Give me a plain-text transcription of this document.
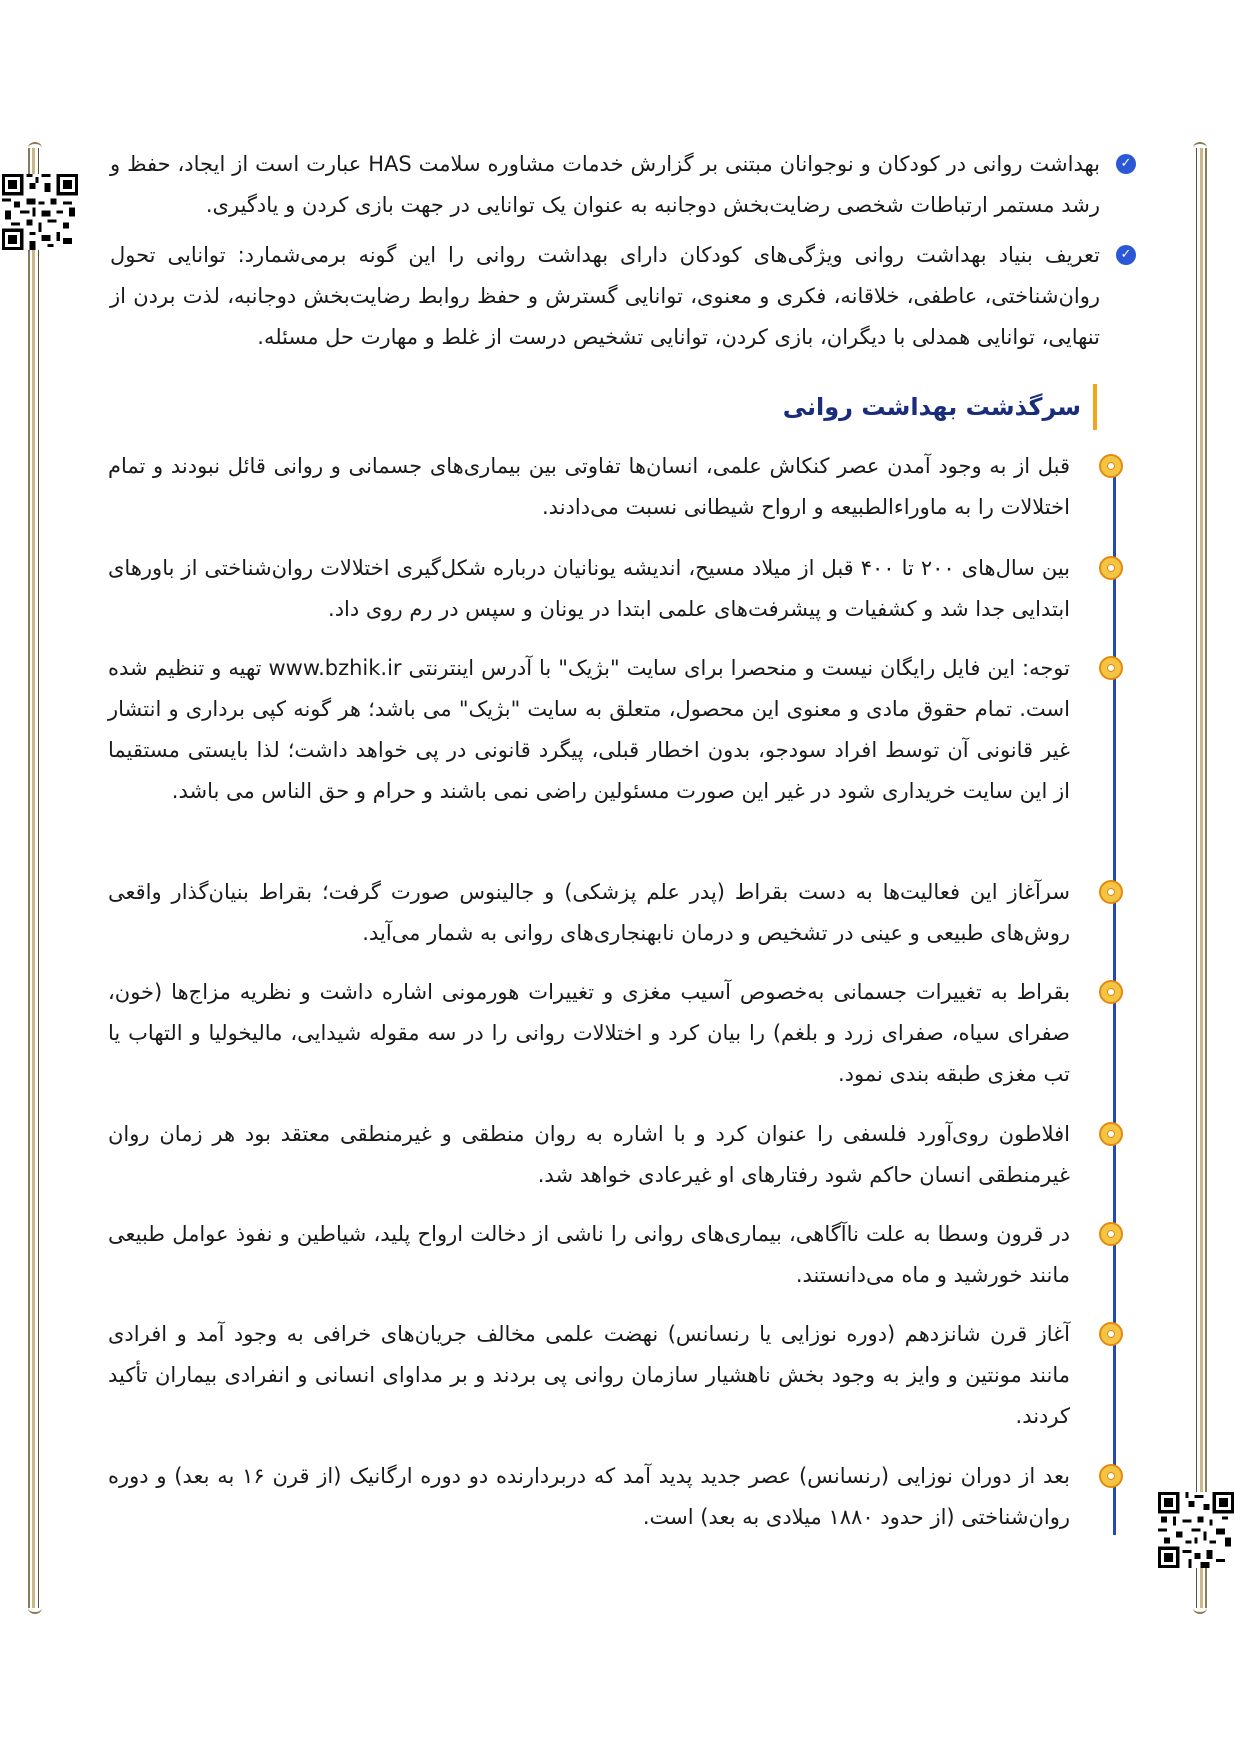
✓
بهداشت روانی در کودکان و نوجوانان مبتنی بر گزارش خدمات مشاوره سلامت HAS عبارت است از ایجاد، حفظ و رشد مستمر ارتباطات شخصی رضایت‌بخش دوجانبه به عنوان یک توانایی در جهت بازی کردن و یادگیری.
✓
تعریف بنیاد بهداشت روانی ویژگی‌های کودکان دارای بهداشت روانی را این گونه برمی‌شمارد: توانایی تحول روان‌شناختی، عاطفی، خلاقانه، فکری و معنوی، توانایی گسترش و حفظ روابط رضایت‌بخش دوجانبه، لذت بردن از تنهایی، توانایی همدلی با دیگران، بازی کردن، توانایی تشخیص درست از غلط و مهارت حل مسئله.
سرگذشت بهداشت روانی
قبل از به وجود آمدن عصر کنکاش علمی، انسان‌ها تفاوتی بین بیماری‌های جسمانی و روانی قائل نبودند و تمام اختلالات را به ماوراءالطبیعه و ارواح شیطانی نسبت می‌دادند.
بین سال‌های ۲۰۰ تا ۴۰۰ قبل از میلاد مسیح، اندیشه یونانیان درباره شکل‌گیری اختلالات روان‌شناختی از باورهای ابتدایی جدا شد و کشفیات و پیشرفت‌های علمی ابتدا در یونان و سپس در رم روی داد.
توجه: این فایل رایگان نیست و منحصرا برای سایت "بژیک" با آدرس اینترنتی www.bzhik.ir تهیه و تنظیم شده است. تمام حقوق مادی و معنوی این محصول، متعلق به سایت "بژیک" می باشد؛ هر گونه کپی برداری و انتشار غیر قانونی آن توسط افراد سودجو، بدون اخطار قبلی، پیگرد قانونی در پی خواهد داشت؛ لذا بایستی مستقیما از این سایت خریداری شود در غیر این صورت مسئولین راضی نمی باشند و حرام و حق الناس می باشد.
سرآغاز این فعالیت‌ها به دست بقراط (پدر علم پزشکی) و جالینوس صورت گرفت؛ بقراط بنیان‌گذار واقعی روش‌های طبیعی و عینی در تشخیص و درمان نابهنجاری‌های روانی به شمار می‌آید.
بقراط به تغییرات جسمانی به‌خصوص آسیب مغزی و تغییرات هورمونی اشاره داشت و نظریه مزاج‌ها (خون، صفرای سیاه، صفرای زرد و بلغم) را بیان کرد و اختلالات روانی را در سه مقوله شیدایی، مالیخولیا و التهاب یا تب مغزی طبقه بندی نمود.
افلاطون روی‌آورد فلسفی را عنوان کرد و با اشاره به روان منطقی و غیرمنطقی معتقد بود هر زمان روان غیرمنطقی انسان حاکم شود رفتارهای او غیرعادی خواهد شد.
در قرون وسطا به علت ناآگاهی، بیماری‌های روانی را ناشی از دخالت ارواح پلید، شیاطین و نفوذ عوامل طبیعی مانند خورشید و ماه می‌دانستند.
آغاز قرن شانزدهم (دوره نوزایی یا رنسانس) نهضت علمی مخالف جریان‌های خرافی به وجود آمد و افرادی مانند مونتین و وایز به وجود بخش ناهشیار سازمان روانی پی بردند و بر مداوای انسانی و انفرادی بیماران تأکید کردند.
بعد از دوران نوزایی (رنسانس) عصر جدید پدید آمد که دربردارنده دو دوره ارگانیک (از قرن ۱۶ به بعد) و دوره روان‌شناختی (از حدود ۱۸۸۰ میلادی به بعد) است.
